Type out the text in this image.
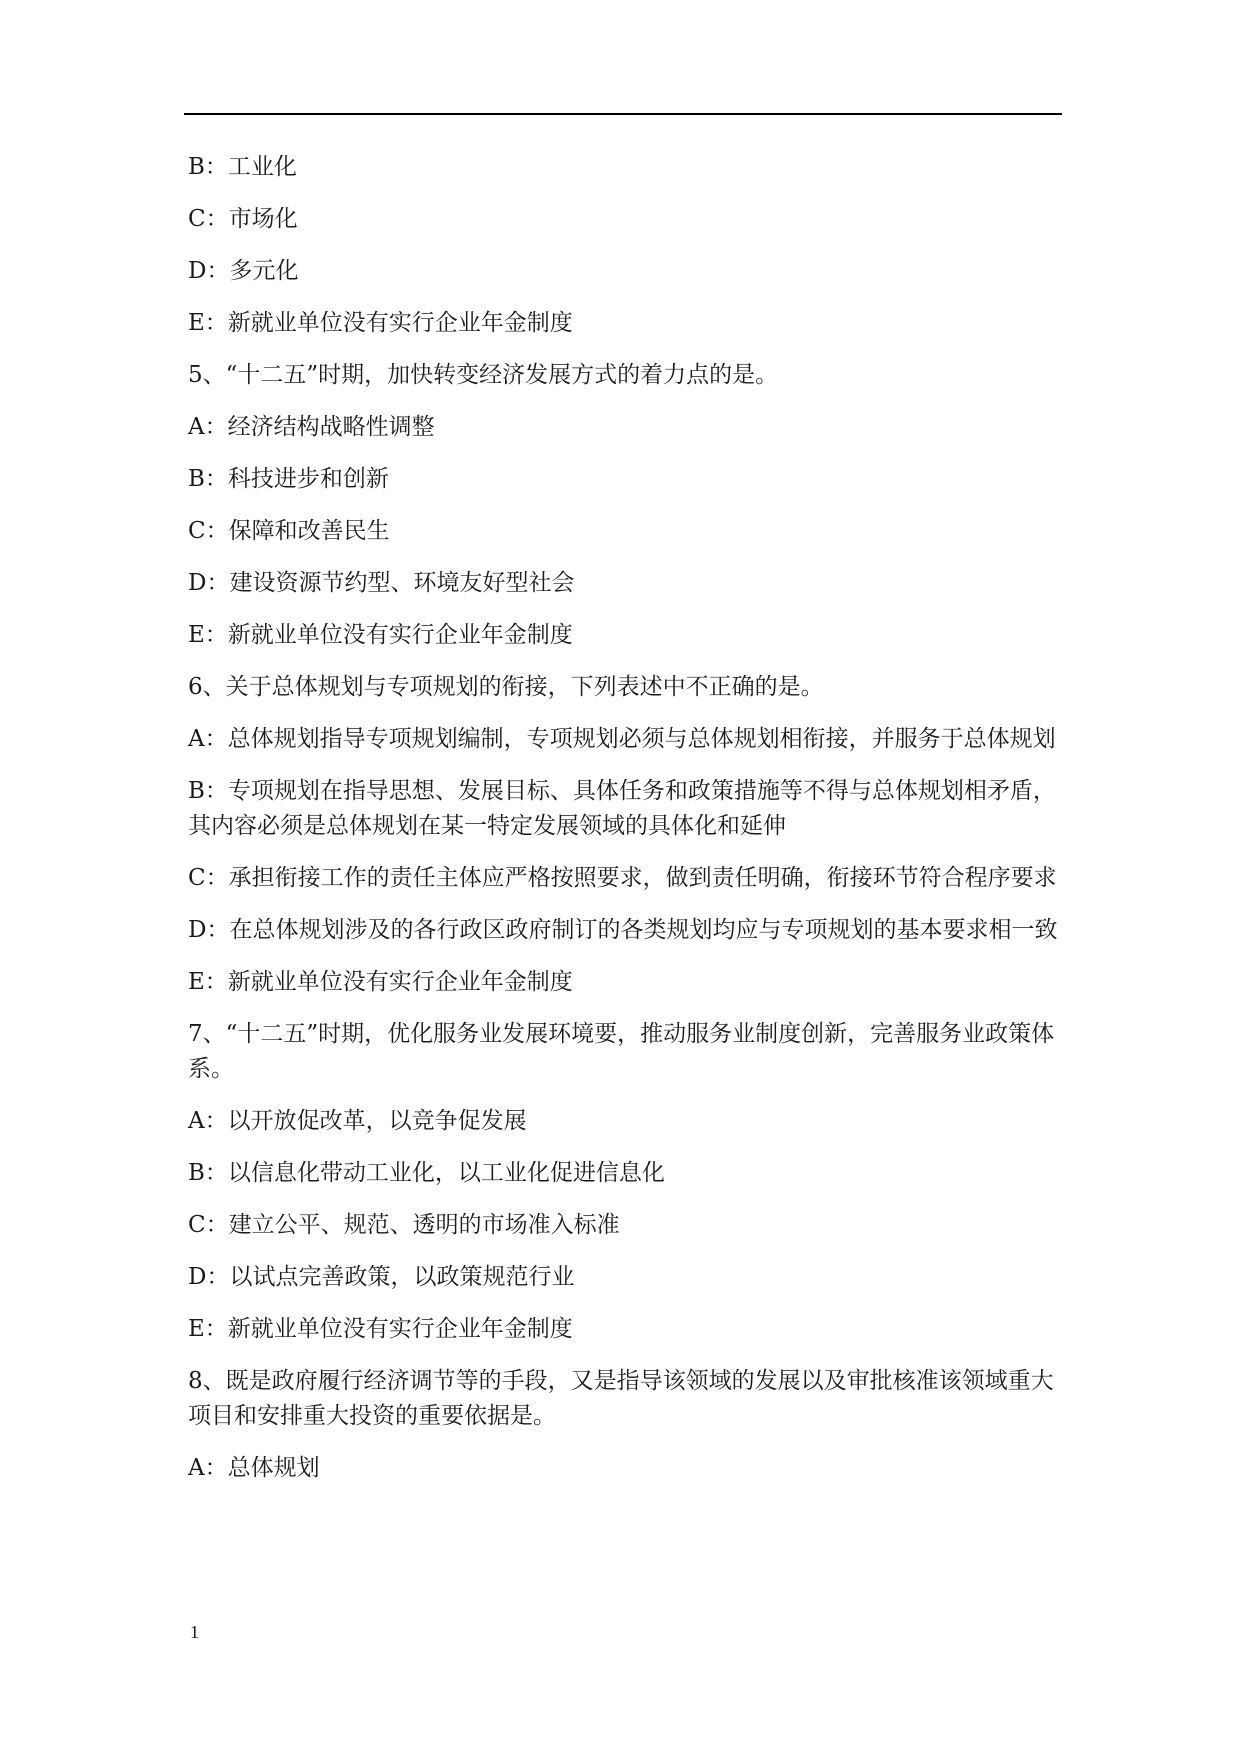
B：工业化

C：市场化

D：多元化

E：新就业单位没有实行企业年金制度

5、“十二五”时期，加快转变经济发展方式的着力点的是。

A：经济结构战略性调整

B：科技进步和创新

C：保障和改善民生

D：建设资源节约型、环境友好型社会

E：新就业单位没有实行企业年金制度

6、关于总体规划与专项规划的衔接，下列表述中不正确的是。

A：总体规划指导专项规划编制，专项规划必须与总体规划相衔接，并服务于总体规划

B：专项规划在指导思想、发展目标、具体任务和政策措施等不得与总体规划相矛盾，其内容必须是总体规划在某一特定发展领域的具体化和延伸

C：承担衔接工作的责任主体应严格按照要求，做到责任明确，衔接环节符合程序要求

D：在总体规划涉及的各行政区政府制订的各类规划均应与专项规划的基本要求相一致

E：新就业单位没有实行企业年金制度

7、“十二五”时期，优化服务业发展环境要，推动服务业制度创新，完善服务业政策体系。

A：以开放促改革，以竞争促发展

B：以信息化带动工业化，以工业化促进信息化

C：建立公平、规范、透明的市场准入标准

D：以试点完善政策，以政策规范行业

E：新就业单位没有实行企业年金制度

8、既是政府履行经济调节等的手段，又是指导该领域的发展以及审批核准该领域重大项目和安排重大投资的重要依据是。

A：总体规划

1
